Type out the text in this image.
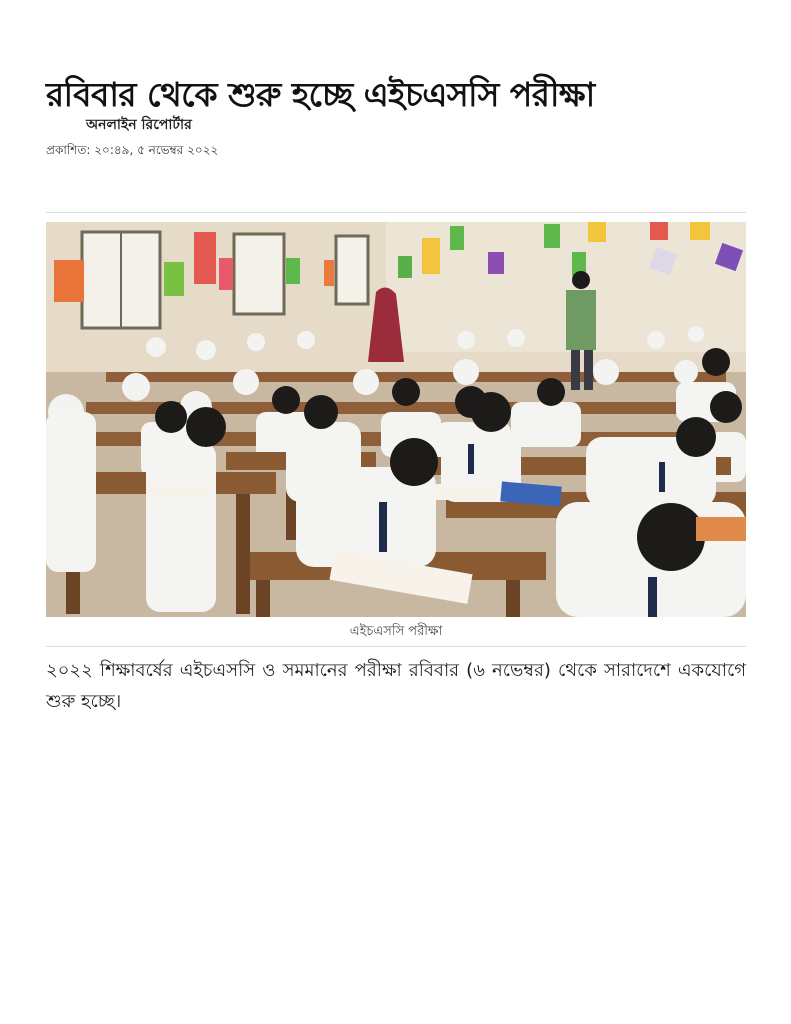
রবিবার থেকে শুরু হচ্ছে এইচএসসি পরীক্ষা
অনলাইন রিপোর্টার
প্রকাশিত: ২০:৪৯, ৫ নভেম্বর ২০২২
এইচএসসি পরীক্ষা

২০২২ শিক্ষাবর্ষের এইচএসসি ও সমমানের পরীক্ষা রবিবার (৬ নভেম্বর) থেকে সারাদেশে একযোগে শুরু হচ্ছে।
